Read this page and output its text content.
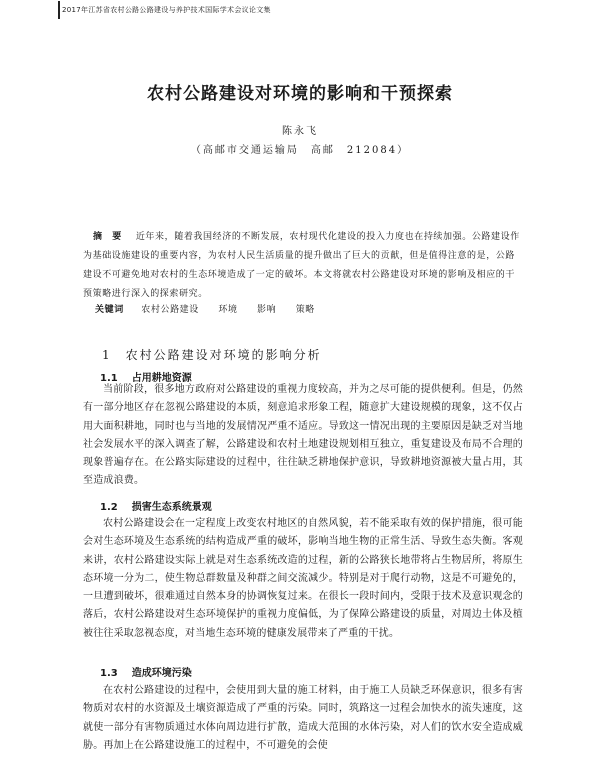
2017年江苏省农村公路公路建设与养护技术国际学术会议论文集
农村公路建设对环境的影响和干预探索
陈永飞
（高邮市交通运输局　高邮　212084）
摘　要 近年来，随着我国经济的不断发展，农村现代化建设的投入力度也在持续加强。公路建设作为基础设施建设的重要内容，为农村人民生活质量的提升做出了巨大的贡献，但是值得注意的是，公路建设不可避免地对农村的生态环境造成了一定的破坏。本文将就农村公路建设对环境的影响及相应的干预策略进行深入的探索研究。
关键词 农村公路建设 环境 影响 策略
1 农村公路建设对环境的影响分析
1.1 占用耕地资源
当前阶段，很多地方政府对公路建设的重视力度较高，并为之尽可能的提供便利。但是，仍然有一部分地区存在忽视公路建设的本质，刻意追求形象工程，随意扩大建设规模的现象，这不仅占用大面积耕地，同时也与当地的发展情况严重不适应。导致这一情况出现的主要原因是缺乏对当地社会发展水平的深入调查了解，公路建设和农村土地建设规划相互独立，重复建设及布局不合理的现象普遍存在。在公路实际建设的过程中，往往缺乏耕地保护意识，导致耕地资源被大量占用，其至造成浪费。
1.2 损害生态系统景观
农村公路建设会在一定程度上改变农村地区的自然风貌，若不能采取有效的保护措施，很可能会对生态环境及生态系统的结构造成严重的破坏，影响当地生物的正常生活、导致生态失衡。客观来讲，农村公路建设实际上就是对生态系统改造的过程，新的公路狭长地带将占生物居所，将原生态环境一分为二，使生物总群数量及种群之间交流减少。特别是对于爬行动物，这是不可避免的，一旦遭到破坏，很难通过自然本身的协调恢复过来。在很长一段时间内，受限于技术及意识观念的落后，农村公路建设对生态环境保护的重视力度偏低，为了保障公路建设的质量，对周边土体及植被往往采取忽视态度，对当地生态环境的健康发展带来了严重的干扰。
1.3 造成环境污染
在农村公路建设的过程中，会使用到大量的施工材料，由于施工人员缺乏环保意识，很多有害物质对农村的水资源及土壤资源造成了严重的污染。同时，筑路这一过程会加快水的流失速度，这就使一部分有害物质通过水体向周边进行扩散，造成大范围的水体污染，对人们的饮水安全造成威胁。再加上在公路建设施工的过程中，不可避免的会使
